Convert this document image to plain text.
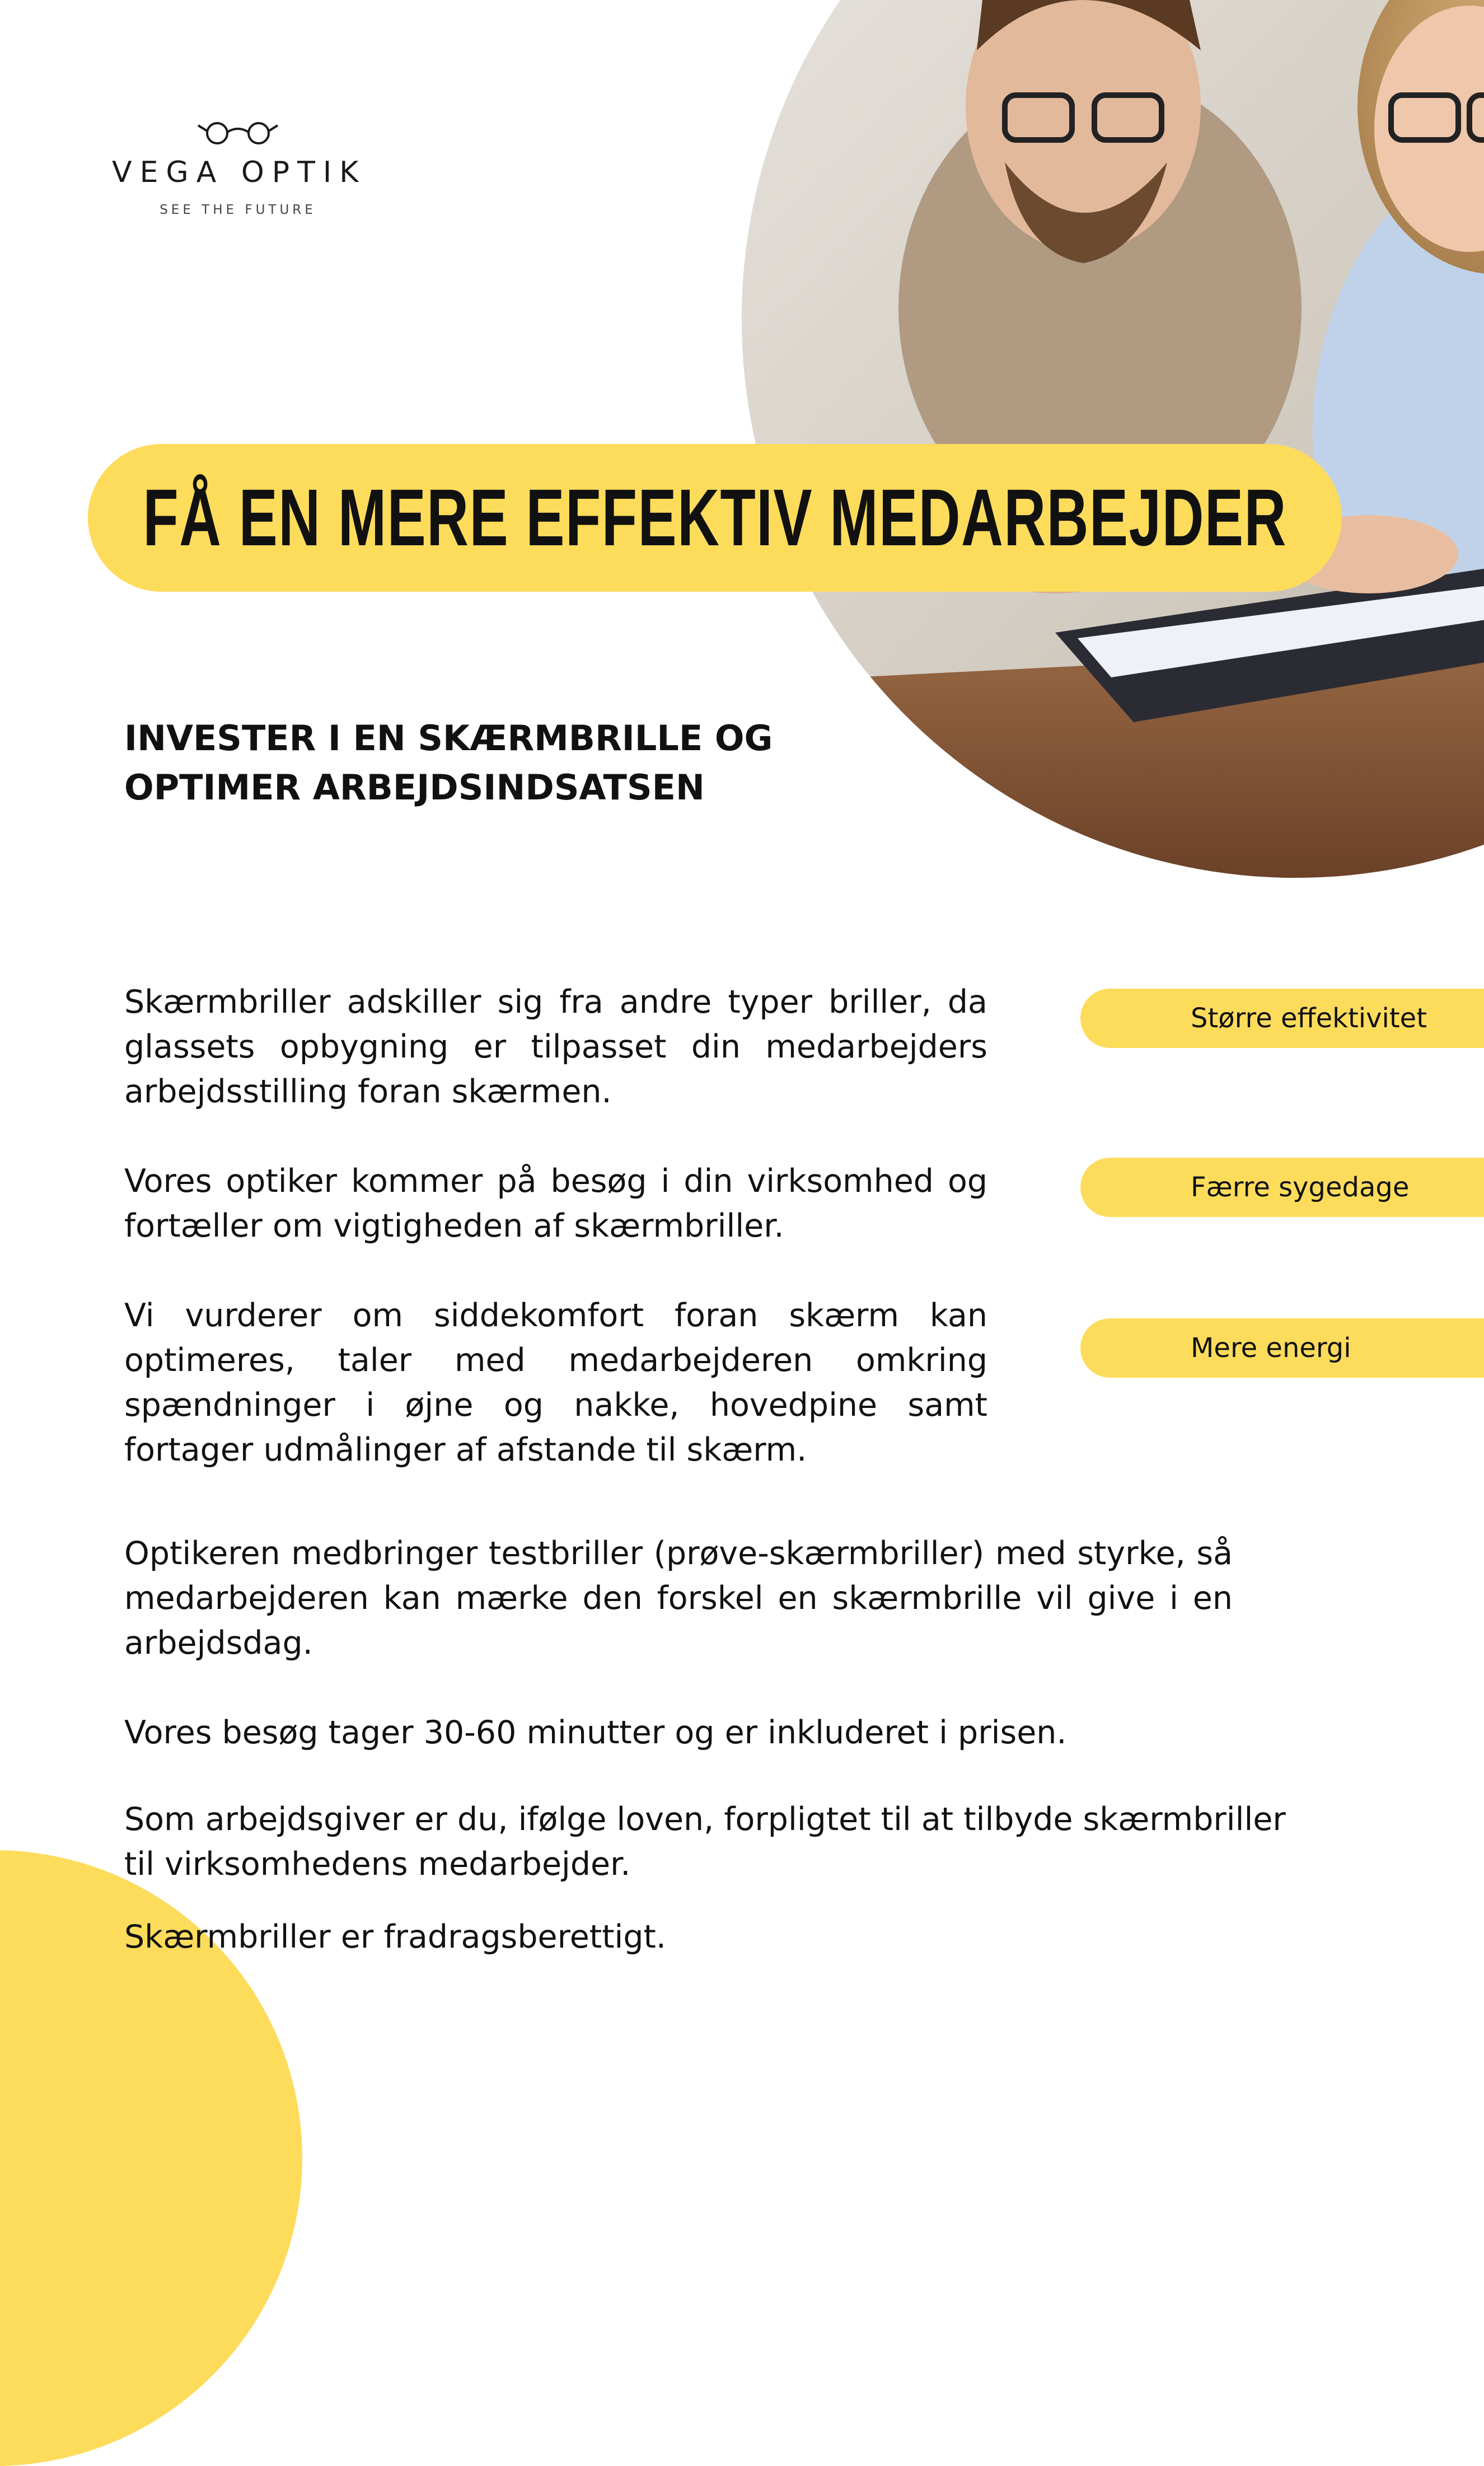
VEGA OPTIK
SEE THE FUTURE
FÅ EN MERE EFFEKTIV MEDARBEJDER
INVESTER I EN SKÆRMBRILLE OG
OPTIMER ARBEJDSINDSATSEN

Skærmbriller adskiller sig fra andre typer briller, da glassets opbygning er tilpasset din medarbejders arbejdsstilling foran skærmen.

Vores optiker kommer på besøg i din virksomhed og fortæller om vigtigheden af skærmbriller.

Vi vurderer om siddekomfort foran skærm kan optimeres, taler med medarbejderen omkring spændninger i øjne og nakke, hovedpine samt fortager udmålinger af afstande til skærm.

Optikeren medbringer testbriller (prøve-skærmbriller) med styrke, så medarbejderen kan mærke den forskel en skærmbrille vil give i en arbejdsdag.

Vores besøg tager 30-60 minutter og er inkluderet i prisen.

Som arbejdsgiver er du, ifølge loven, forpligtet til at tilbyde skærmbriller til virksomhedens medarbejder.

Skærmbriller er fradragsberettigt.

Større effektivitet
Færre sygedage
Mere energi
